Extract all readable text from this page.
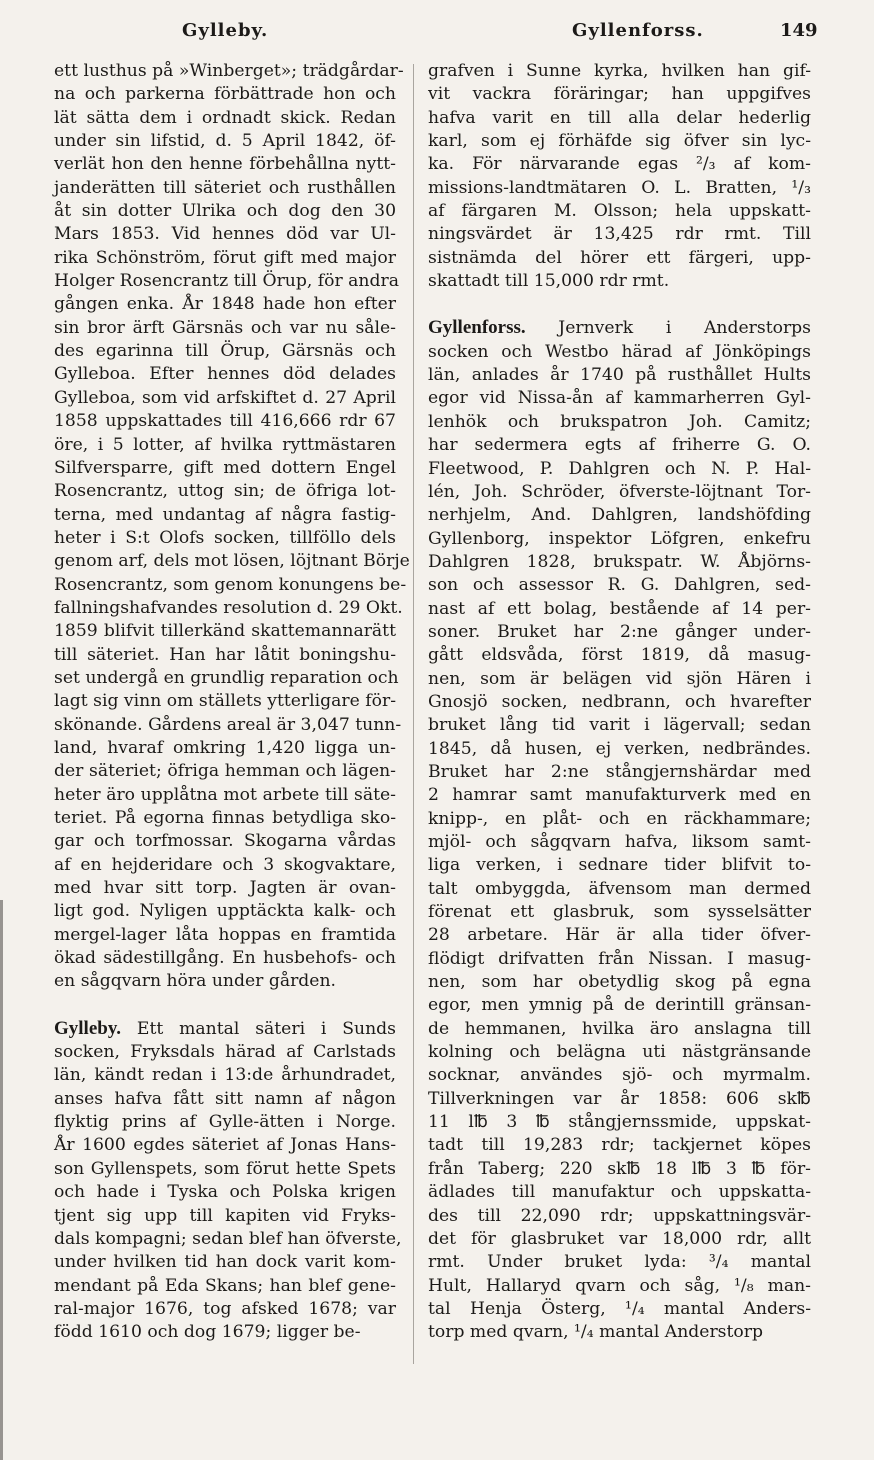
Gylleby.	Gyllenforss.	149

ett lusthus på »Winberget»; trädgårdar-
na och parkerna förbättrade hon och
lät sätta dem i ordnadt skick. Redan
under sin lifstid, d. 5 April 1842, öf-
verlät hon den henne förbehållna nytt-
janderätten till säteriet och rusthållen
åt sin dotter Ulrika och dog den 30
Mars 1853. Vid hennes död var Ul-
rika Schönström, förut gift med major
Holger Rosencrantz till Örup, för andra
gången enka. År 1848 hade hon efter
sin bror ärft Gärsnäs och var nu såle-
des egarinna till Örup, Gärsnäs och
Gylleboa. Efter hennes död delades
Gylleboa, som vid arfskiftet d. 27 April
1858 uppskattades till 416,666 rdr 67
öre, i 5 lotter, af hvilka ryttmästaren
Silfversparre, gift med dottern Engel
Rosencrantz, uttog sin; de öfriga lot-
terna, med undantag af några fastig-
heter i S:t Olofs socken, tillföllo dels
genom arf, dels mot lösen, löjtnant Börje
Rosencrantz, som genom konungens be-
fallningshafvandes resolution d. 29 Okt.
1859 blifvit tillerkänd skattemannarätt
till säteriet. Han har låtit boningshu-
set undergå en grundlig reparation och
lagt sig vinn om ställets ytterligare för-
skönande. Gårdens areal är 3,047 tunn-
land, hvaraf omkring 1,420 ligga un-
der säteriet; öfriga hemman och lägen-
heter äro upplåtna mot arbete till säte-
teriet. På egorna finnas betydliga sko-
gar och torfmossar. Skogarna vårdas
af en hejderidare och 3 skogvaktare,
med hvar sitt torp. Jagten är ovan-
ligt god. Nyligen upptäckta kalk- och
mergel-lager låta hoppas en framtida
ökad sädestillgång. En husbehofs- och
en sågqvarn höra under gården.

Gylleby. Ett mantal säteri i Sunds
socken, Fryksdals härad af Carlstads
län, kändt redan i 13:de århundradet,
anses hafva fått sitt namn af någon
flyktig prins af Gylle-ätten i Norge.
År 1600 egdes säteriet af Jonas Hans-
son Gyllenspets, som förut hette Spets
och hade i Tyska och Polska krigen
tjent sig upp till kapiten vid Fryks-
dals kompagni; sedan blef han öfverste,
under hvilken tid han dock varit kom-
mendant på Eda Skans; han blef gene-
ral-major 1676, tog afsked 1678; var
född 1610 och dog 1679; ligger be-

grafven i Sunne kyrka, hvilken han gif-
vit vackra föräringar; han uppgifves
hafva varit en till alla delar hederlig
karl, som ej förhäfde sig öfver sin lyc-
ka. För närvarande egas ²/₃ af kom-
missions-landtmätaren O. L. Bratten, ¹/₃
af färgaren M. Olsson; hela uppskatt-
ningsvärdet är 13,425 rdr rmt. Till
sistnämda del hörer ett färgeri, upp-
skattadt till 15,000 rdr rmt.

Gyllenforss. Jernverk i Anderstorps
socken och Westbo härad af Jönköpings
län, anlades år 1740 på rusthållet Hults
egor vid Nissa-ån af kammarherren Gyl-
lenhök och brukspatron Joh. Camitz;
har sedermera egts af friherre G. O.
Fleetwood, P. Dahlgren och N. P. Hal-
lén, Joh. Schröder, öfverste-löjtnant Tor-
nerhjelm, And. Dahlgren, landshöfding
Gyllenborg, inspektor Löfgren, enkefru
Dahlgren 1828, brukspatr. W. Åbjörns-
son och assessor R. G. Dahlgren, sed-
nast af ett bolag, bestående af 14 per-
soner. Bruket har 2:ne gånger under-
gått eldsvåda, först 1819, då masug-
nen, som är belägen vid sjön Hären i
Gnosjö socken, nedbrann, och hvarefter
bruket lång tid varit i lägervall; sedan
1845, då husen, ej verken, nedbrändes.
Bruket har 2:ne stångjernshärdar med
2 hamrar samt manufakturverk med en
knipp-, en plåt- och en räckhammare;
mjöl- och sågqvarn hafva, liksom samt-
liga verken, i sednare tider blifvit to-
talt ombyggda, äfvensom man dermed
förenat ett glasbruk, som sysselsätter
28 arbetare. Här är alla tider öfver-
flödigt drifvatten från Nissan. I masug-
nen, som har obetydlig skog på egna
egor, men ymnig på de derintill gränsan-
de hemmanen, hvilka äro anslagna till
kolning och belägna uti nästgränsande
socknar, användes sjö- och myrmalm.
Tillverkningen var år 1858: 606 sk℔
11 l℔ 3 ℔ stångjernssmide, uppskat-
tadt till 19,283 rdr; tackjernet köpes
från Taberg; 220 sk℔ 18 l℔ 3 ℔ för-
ädlades till manufaktur och uppskatta-
des till 22,090 rdr; uppskattningsvär-
det för glasbruket var 18,000 rdr, allt
rmt. Under bruket lyda: ³/₄ mantal
Hult, Hallaryd qvarn och såg, ¹/₈ man-
tal Henja Österg, ¹/₄ mantal Anders-
torp med qvarn, ¹/₄ mantal Anderstorp
